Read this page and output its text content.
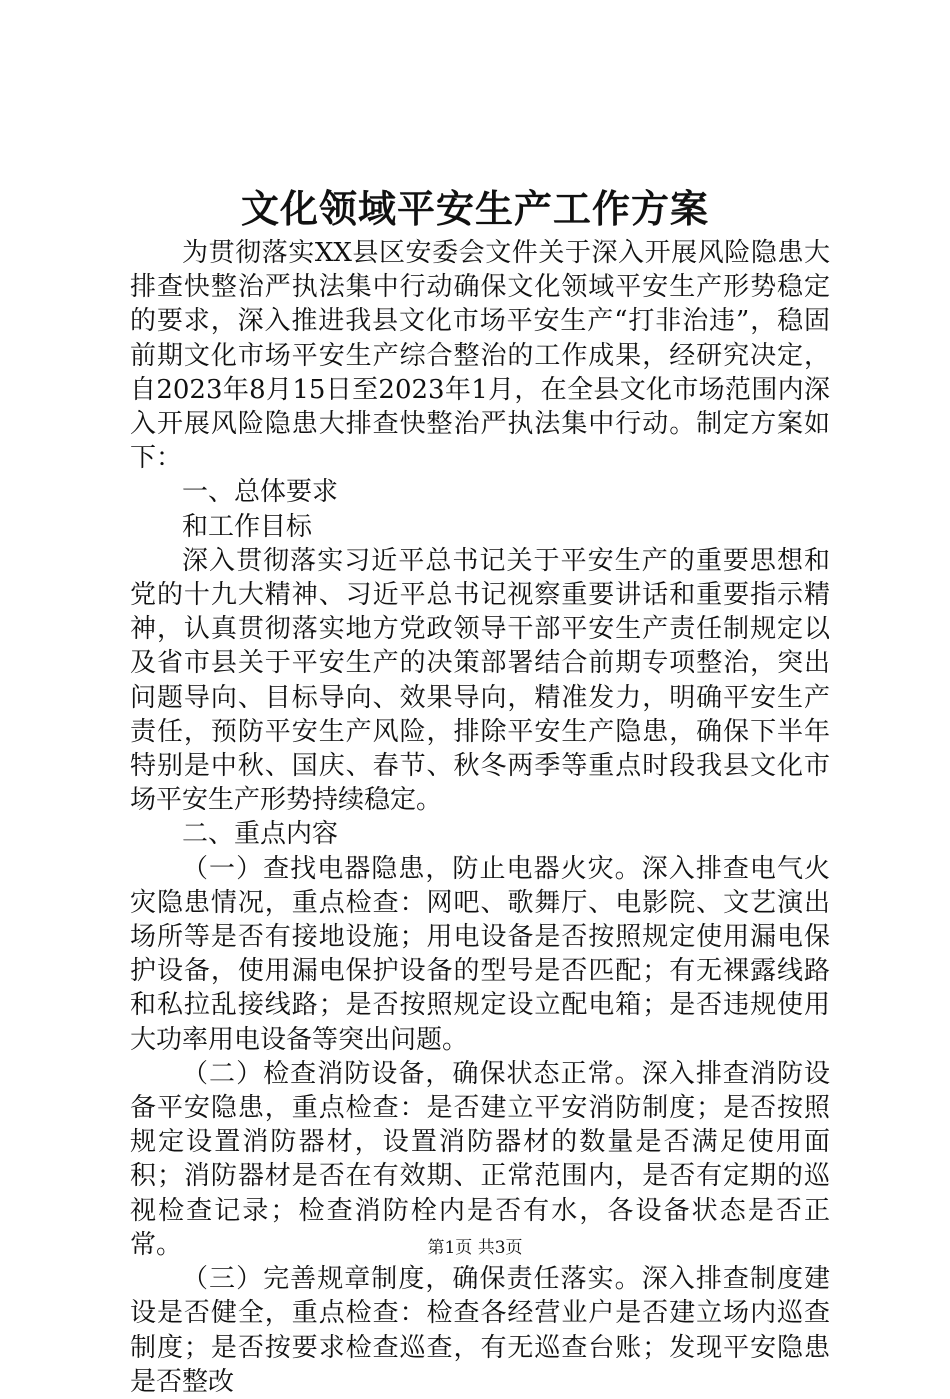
文化领域平安生产工作方案

为贯彻落实XX县区安委会文件关于深入开展风险隐患大排查快整治严执法集中行动确保文化领域平安生产形势稳定的要求，深入推进我县文化市场平安生产“打非治违”，稳固前期文化市场平安生产综合整治的工作成果，经研究决定，自2023年8月15日至2023年1月，在全县文化市场范围内深入开展风险隐患大排查快整治严执法集中行动。制定方案如下：

一、总体要求

和工作目标

深入贯彻落实习近平总书记关于平安生产的重要思想和党的十九大精神、习近平总书记视察重要讲话和重要指示精神，认真贯彻落实地方党政领导干部平安生产责任制规定以及省市县关于平安生产的决策部署结合前期专项整治，突出问题导向、目标导向、效果导向，精准发力，明确平安生产责任，预防平安生产风险，排除平安生产隐患，确保下半年特别是中秋、国庆、春节、秋冬两季等重点时段我县文化市场平安生产形势持续稳定。

二、重点内容

（一）查找电器隐患，防止电器火灾。深入排查电气火灾隐患情况，重点检查：网吧、歌舞厅、电影院、文艺演出场所等是否有接地设施；用电设备是否按照规定使用漏电保护设备，使用漏电保护设备的型号是否匹配；有无裸露线路和私拉乱接线路；是否按照规定设立配电箱；是否违规使用大功率用电设备等突出问题。

（二）检查消防设备，确保状态正常。深入排查消防设备平安隐患，重点检查：是否建立平安消防制度；是否按照规定设置消防器材，设置消防器材的数量是否满足使用面积；消防器材是否在有效期、正常范围内，是否有定期的巡视检查记录；检查消防栓内是否有水，各设备状态是否正常。

（三）完善规章制度，确保责任落实。深入排查制度建设是否健全，重点检查：检查各经营业户是否建立场内巡查制度；是否按要求检查巡查，有无巡查台账；发现平安隐患是否整改

第1页 共3页
